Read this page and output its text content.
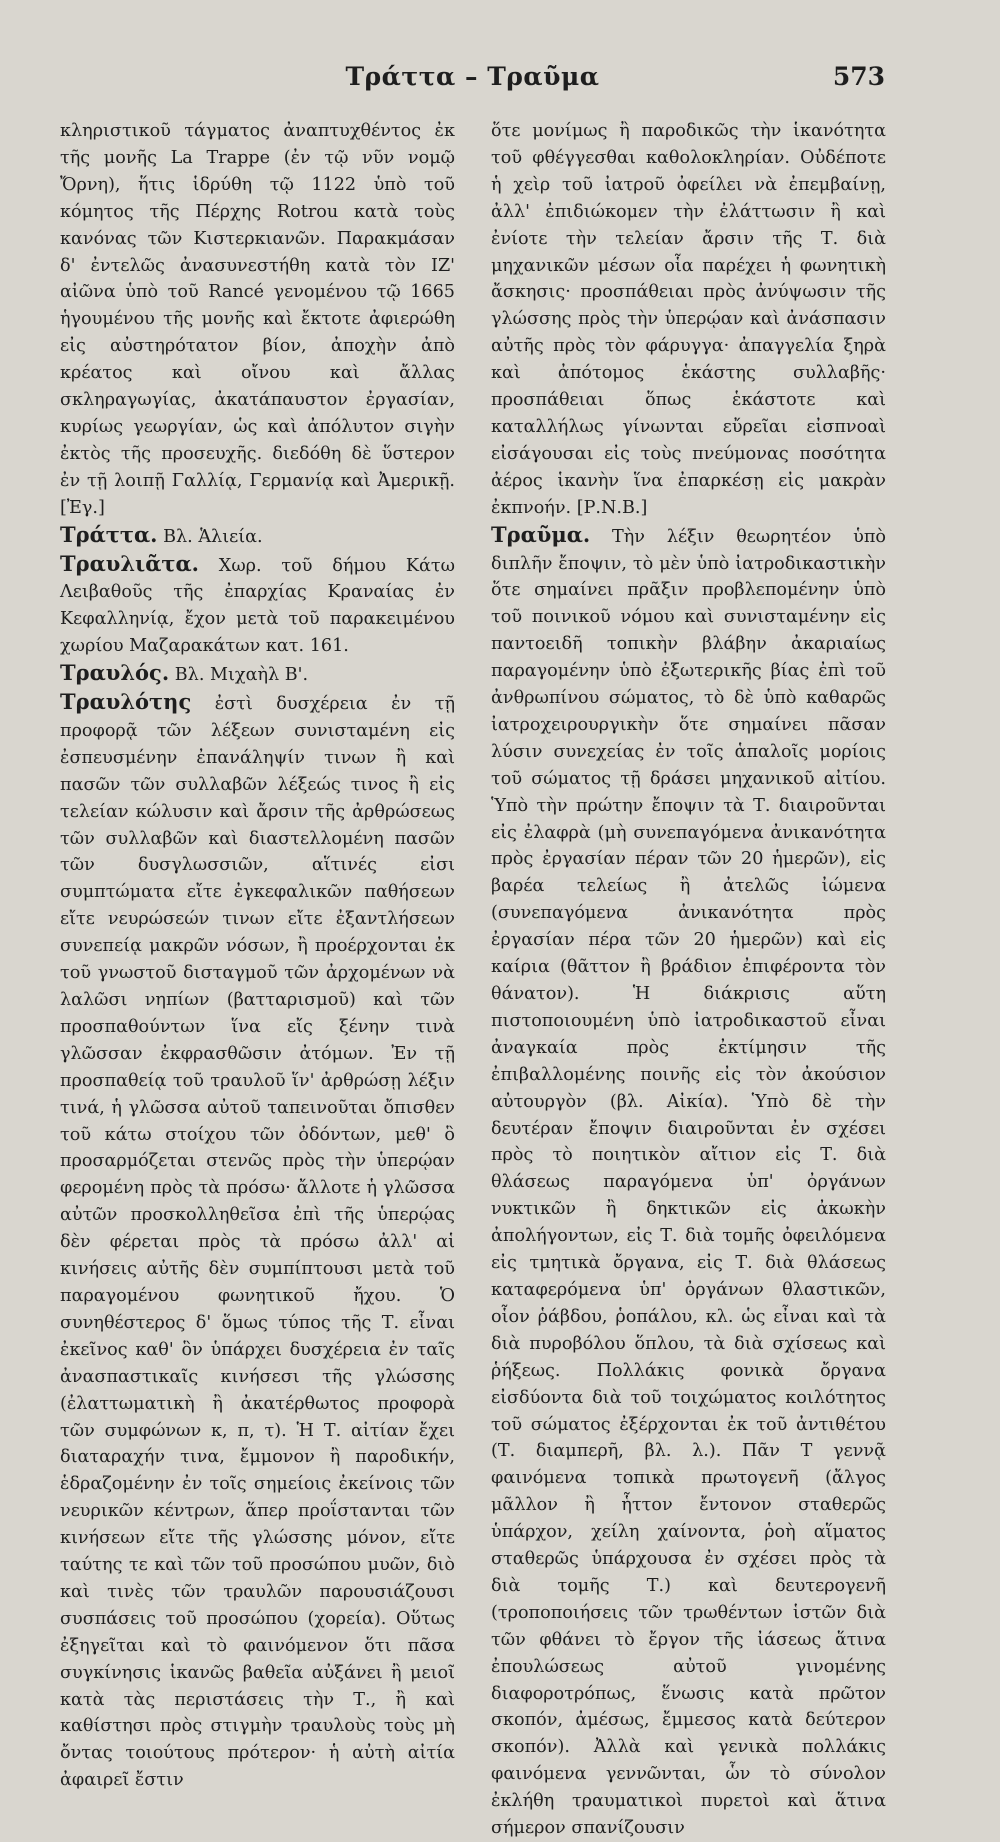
Τράττα – Τραῦμα	573

κληριστικοῦ τάγματος ἀναπτυχθέντος ἐκ τῆς μονῆς La Trappe (ἐν τῷ νῦν νομῷ Ὄρνη), ἥτις ἱδρύθη τῷ 1122 ὑπὸ τοῦ κόμητος τῆς Πέρχης Rotrou κατὰ τοὺς κανόνας τῶν Κιστερκιανῶν. Παρακμάσαν δ' ἐντελῶς ἀνασυνεστήθη κατὰ τὸν ΙΖ' αἰῶνα ὑπὸ τοῦ Rancé γενομένου τῷ 1665 ἡγουμένου τῆς μονῆς καὶ ἔκτοτε ἀφιερώθη εἰς αὐστηρότατον βίον, ἀποχὴν ἀπὸ κρέατος καὶ οἴνου καὶ ἄλλας σκληραγωγίας, ἀκατάπαυστον ἐργασίαν, κυρίως γεωργίαν, ὡς καὶ ἀπόλυτον σιγὴν ἐκτὸς τῆς προσευχῆς. διεδόθη δὲ ὕστερον ἐν τῇ λοιπῇ Γαλλίᾳ, Γερμανίᾳ καὶ Ἀμερικῇ. [Ἐγ.]

Τράττα. Βλ. Ἁλιεία.

Τραυλιᾶτα. Χωρ. τοῦ δήμου Κάτω Λειβαθοῦς τῆς ἐπαρχίας Κραναίας ἐν Κεφαλληνίᾳ, ἔχον μετὰ τοῦ παρακειμένου χωρίου Μαζαρακάτων κατ. 161.

Τραυλός. Βλ. Μιχαὴλ Β'.

Τραυλότης ἐστὶ δυσχέρεια ἐν τῇ προφορᾷ τῶν λέξεων συνισταμένη εἰς ἐσπευσμένην ἐπανάληψίν τινων ἢ καὶ πασῶν τῶν συλλαβῶν λέξεώς τινος ἢ εἰς τελείαν κώλυσιν καὶ ἄρσιν τῆς ἀρθρώσεως τῶν συλλαβῶν καὶ διαστελλομένη πασῶν τῶν δυσγλωσσιῶν, αἵτινές εἰσι συμπτώματα εἴτε ἐγκεφαλικῶν παθήσεων εἴτε νευρώσεών τινων εἴτε ἐξαντλήσεων συνεπείᾳ μακρῶν νόσων, ἢ προέρχονται ἐκ τοῦ γνωστοῦ δισταγμοῦ τῶν ἀρχομένων νὰ λαλῶσι νηπίων (βατταρισμοῦ) καὶ τῶν προσπαθούντων ἵνα εἴς ξένην τινὰ γλῶσσαν ἐκφρασθῶσιν ἀτόμων. Ἐν τῇ προσπαθείᾳ τοῦ τραυλοῦ ἵν' ἀρθρώσῃ λέξιν τινά, ἡ γλῶσσα αὐτοῦ ταπεινοῦται ὄπισθεν τοῦ κάτω στοίχου τῶν ὀδόντων, μεθ' ὃ προσαρμόζεται στενῶς πρὸς τὴν ὑπερῴαν φερομένη πρὸς τὰ πρόσω· ἄλλοτε ἡ γλῶσσα αὐτῶν προσκολληθεῖσα ἐπὶ τῆς ὑπερῴας δὲν φέρεται πρὸς τὰ πρόσω ἀλλ' αἱ κινήσεις αὐτῆς δὲν συμπίπτουσι μετὰ τοῦ παραγομένου φωνητικοῦ ἤχου. Ὁ συνηθέστερος δ' ὅμως τύπος τῆς Τ. εἶναι ἐκεῖνος καθ' ὃν ὑπάρχει δυσχέρεια ἐν ταῖς ἀνασπαστικαῖς κινήσεσι τῆς γλώσσης (ἐλαττωματικὴ ἢ ἀκατέρθωτος προφορὰ τῶν συμφώνων κ, π, τ). Ἡ Τ. αἰτίαν ἔχει διαταραχήν τινα, ἔμμονον ἢ παροδικήν, ἑδραζομένην ἐν τοῖς σημείοις ἐκείνοις τῶν νευρικῶν κέντρων, ἅπερ προΐστανται τῶν κινήσεων εἴτε τῆς γλώσσης μόνον, εἴτε ταύτης τε καὶ τῶν τοῦ προσώπου μυῶν, διὸ καὶ τινὲς τῶν τραυλῶν παρουσιάζουσι συσπάσεις τοῦ προσώπου (χορεία). Οὕτως ἐξηγεῖται καὶ τὸ φαινόμενον ὅτι πᾶσα συγκίνησις ἱκανῶς βαθεῖα αὐξάνει ἢ μειοῖ κατὰ τὰς περιστάσεις τὴν Τ., ἢ καὶ καθίστησι πρὸς στιγμὴν τραυλοὺς τοὺς μὴ ὄντας τοιούτους πρότερον· ἡ αὐτὴ αἰτία ἀφαιρεῖ ἔστιν

ὅτε μονίμως ἢ παροδικῶς τὴν ἱκανότητα τοῦ φθέγγεσθαι καθολοκληρίαν. Οὐδέποτε ἡ χεὶρ τοῦ ἰατροῦ ὀφείλει νὰ ἐπεμβαίνῃ, ἀλλ' ἐπιδιώκομεν τὴν ἐλάττωσιν ἢ καὶ ἐνίοτε τὴν τελείαν ἄρσιν τῆς Τ. διὰ μηχανικῶν μέσων οἷα παρέχει ἡ φωνητικὴ ἄσκησις· προσπάθειαι πρὸς ἀνύψωσιν τῆς γλώσσης πρὸς τὴν ὑπερῴαν καὶ ἀνάσπασιν αὐτῆς πρὸς τὸν φάρυγγα· ἀπαγγελία ξηρὰ καὶ ἀπότομος ἑκάστης συλλαβῆς· προσπάθειαι ὅπως ἑκάστοτε καὶ καταλλήλως γίνωνται εὔρεῖαι εἰσπνοαὶ εἰσάγουσαι εἰς τοὺς πνεύμονας ποσότητα ἀέρος ἱκανὴν ἵνα ἐπαρκέσῃ εἰς μακρὰν ἐκπνοήν. [Ρ.Ν.Β.]

Τραῦμα. Τὴν λέξιν θεωρητέον ὑπὸ διπλῆν ἔποψιν, τὸ μὲν ὑπὸ ἰατροδικαστικὴν ὅτε σημαίνει πρᾶξιν προβλεπομένην ὑπὸ τοῦ ποινικοῦ νόμου καὶ συνισταμένην εἰς παντοειδῆ τοπικὴν βλάβην ἀκαριαίως παραγομένην ὑπὸ ἐξωτερικῆς βίας ἐπὶ τοῦ ἀνθρωπίνου σώματος, τὸ δὲ ὑπὸ καθαρῶς ἰατροχειρουργικὴν ὅτε σημαίνει πᾶσαν λύσιν συνεχείας ἐν τοῖς ἁπαλοῖς μορίοις τοῦ σώματος τῇ δράσει μηχανικοῦ αἰτίου. Ὑπὸ τὴν πρώτην ἔποψιν τὰ Τ. διαιροῦνται εἰς ἐλαφρὰ (μὴ συνεπαγόμενα ἀνικανότητα πρὸς ἐργασίαν πέραν τῶν 20 ἡμερῶν), εἰς βαρέα τελείως ἢ ἀτελῶς ἰώμενα (συνεπαγόμενα ἀνικανότητα πρὸς ἐργασίαν πέρα τῶν 20 ἡμερῶν) καὶ εἰς καίρια (θᾶττον ἢ βράδιον ἐπιφέροντα τὸν θάνατον). Ἡ διάκρισις αὕτη πιστοποιουμένη ὑπὸ ἰατροδικαστοῦ εἶναι ἀναγκαία πρὸς ἐκτίμησιν τῆς ἐπιβαλλομένης ποινῆς εἰς τὸν ἀκούσιον αὐτουργὸν (βλ. Αἰκία). Ὑπὸ δὲ τὴν δευτέραν ἔποψιν διαιροῦνται ἐν σχέσει πρὸς τὸ ποιητικὸν αἴτιον εἰς Τ. διὰ θλάσεως παραγόμενα ὑπ' ὀργάνων νυκτικῶν ἢ δηκτικῶν εἰς ἀκωκὴν ἀπολήγοντων, εἰς Τ. διὰ τομῆς ὀφειλόμενα εἰς τμητικὰ ὄργανα, εἰς Τ. διὰ θλάσεως καταφερόμενα ὑπ' ὀργάνων θλαστικῶν, οἷον ῥάβδου, ῥοπάλου, κλ. ὡς εἶναι καὶ τὰ διὰ πυροβόλου ὅπλου, τὰ διὰ σχίσεως καὶ ῥήξεως. Πολλάκις φονικὰ ὄργανα εἰσδύοντα διὰ τοῦ τοιχώματος κοιλότητος τοῦ σώματος ἐξέρχονται ἐκ τοῦ ἀντιθέτου (Τ. διαμπερῆ, βλ. λ.). Πᾶν Τ γεννᾷ φαινόμενα τοπικὰ πρωτογενῆ (ἄλγος μᾶλλον ἢ ἧττον ἔντονον σταθερῶς ὑπάρχον, χείλη χαίνοντα, ῥοὴ αἵματος σταθερῶς ὑπάρχουσα ἐν σχέσει πρὸς τὰ διὰ τομῆς Τ.) καὶ δευτερογενῆ (τροποποιήσεις τῶν τρωθέντων ἱστῶν διὰ τῶν φθάνει τὸ ἔργον τῆς ἰάσεως ἅτινα ἐπουλώσεως αὐτοῦ γινομένης διαφοροτρόπως, ἕνωσις κατὰ πρῶτον σκοπόν, ἀμέσως, ἔμμεσος κατὰ δεύτερον σκοπόν). Ἀλλὰ καὶ γενικὰ πολλάκις φαινόμενα γεννῶνται, ὧν τὸ σύνολον ἐκλήθη τραυματικοὶ πυρετοὶ καὶ ἅτινα σήμερον σπανίζουσιν
